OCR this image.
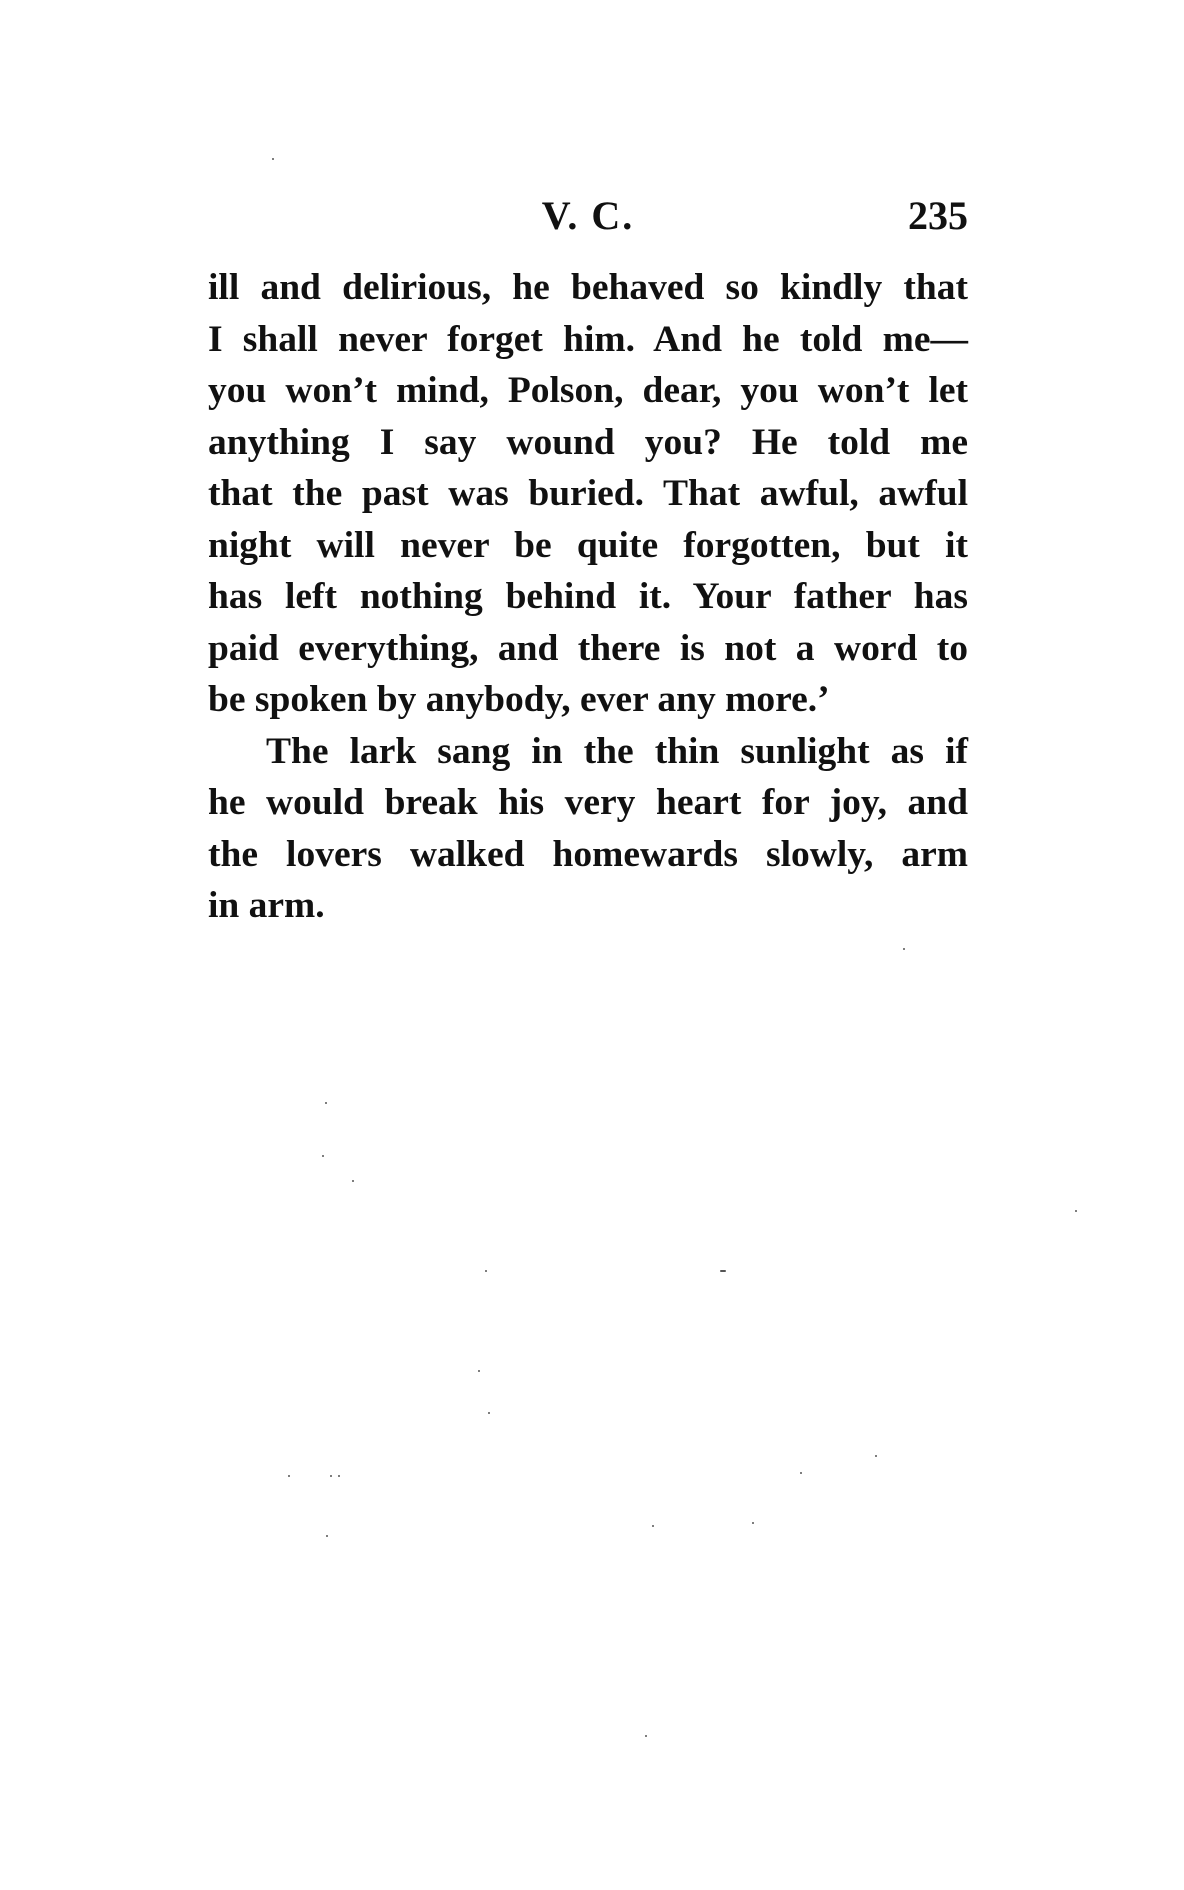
V. C.	235
ill and delirious, he behaved so kindly that
I shall never forget him. And he told me—
you won’t mind, Polson, dear, you won’t let
anything I say wound you? He told me
that the past was buried. That awful, awful
night will never be quite forgotten, but it
has left nothing behind it. Your father has
paid everything, and there is not a word to
be spoken by anybody, ever any more.’
The lark sang in the thin sunlight as if
he would break his very heart for joy, and
the lovers walked homewards slowly, arm
in arm.
